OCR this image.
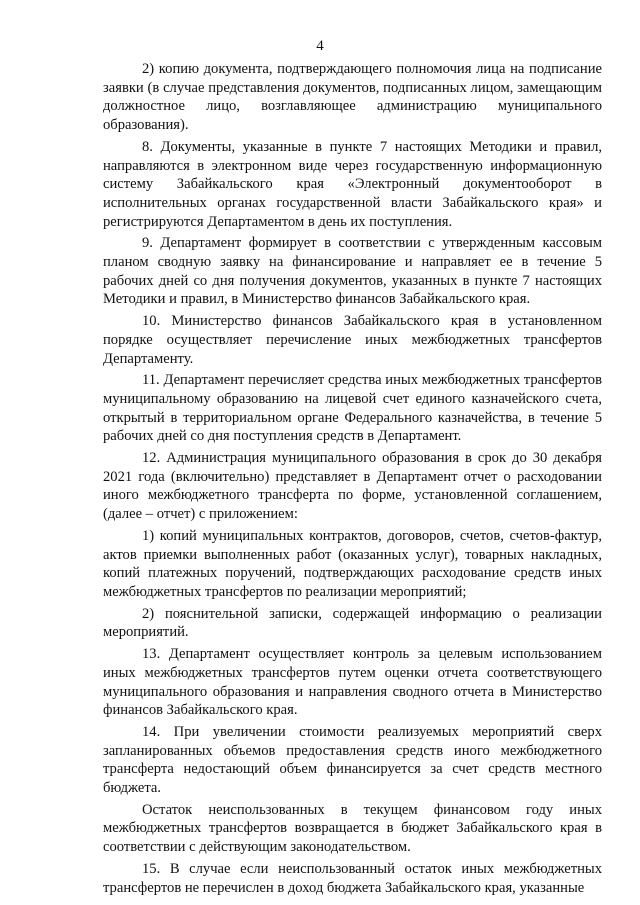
4

2) копию документа, подтверждающего полномочия лица на подписание заявки (в случае представления документов, подписанных лицом, замещающим должностное лицо, возглавляющее администрацию муниципального образования).

8. Документы, указанные в пункте 7 настоящих Методики и правил, направляются в электронном виде через государственную информационную систему Забайкальского края «Электронный документооборот в исполнительных органах государственной власти Забайкальского края» и регистрируются Департаментом в день их поступления.

9. Департамент формирует в соответствии с утвержденным кассовым планом сводную заявку на финансирование и направляет ее в течение 5 рабочих дней со дня получения документов, указанных в пункте 7 настоящих Методики и правил, в Министерство финансов Забайкальского края.

10. Министерство финансов Забайкальского края в установленном порядке осуществляет перечисление иных межбюджетных трансфертов Департаменту.

11. Департамент перечисляет средства иных межбюджетных трансфертов муниципальному образованию на лицевой счет единого казначейского счета, открытый в территориальном органе Федерального казначейства, в течение 5 рабочих дней со дня поступления средств в Департамент.

12. Администрация муниципального образования в срок до 30 декабря 2021 года (включительно) представляет в Департамент отчет о расходовании иного межбюджетного трансферта по форме, установленной соглашением, (далее – отчет) с приложением:

1) копий муниципальных контрактов, договоров, счетов, счетов-фактур, актов приемки выполненных работ (оказанных услуг), товарных накладных, копий платежных поручений, подтверждающих расходование средств иных межбюджетных трансфертов по реализации мероприятий;

2) пояснительной записки, содержащей информацию о реализации мероприятий.

13. Департамент осуществляет контроль за целевым использованием иных межбюджетных трансфертов путем оценки отчета соответствующего муниципального образования и направления сводного отчета в Министерство финансов Забайкальского края.

14. При увеличении стоимости реализуемых мероприятий сверх запланированных объемов предоставления средств иного межбюджетного трансферта недостающий объем финансируется за счет средств местного бюджета.

Остаток неиспользованных в текущем финансовом году иных межбюджетных трансфертов возвращается в бюджет Забайкальского края в соответствии с действующим законодательством.

15. В случае если неиспользованный остаток иных межбюджетных трансфертов не перечислен в доход бюджета Забайкальского края, указанные
